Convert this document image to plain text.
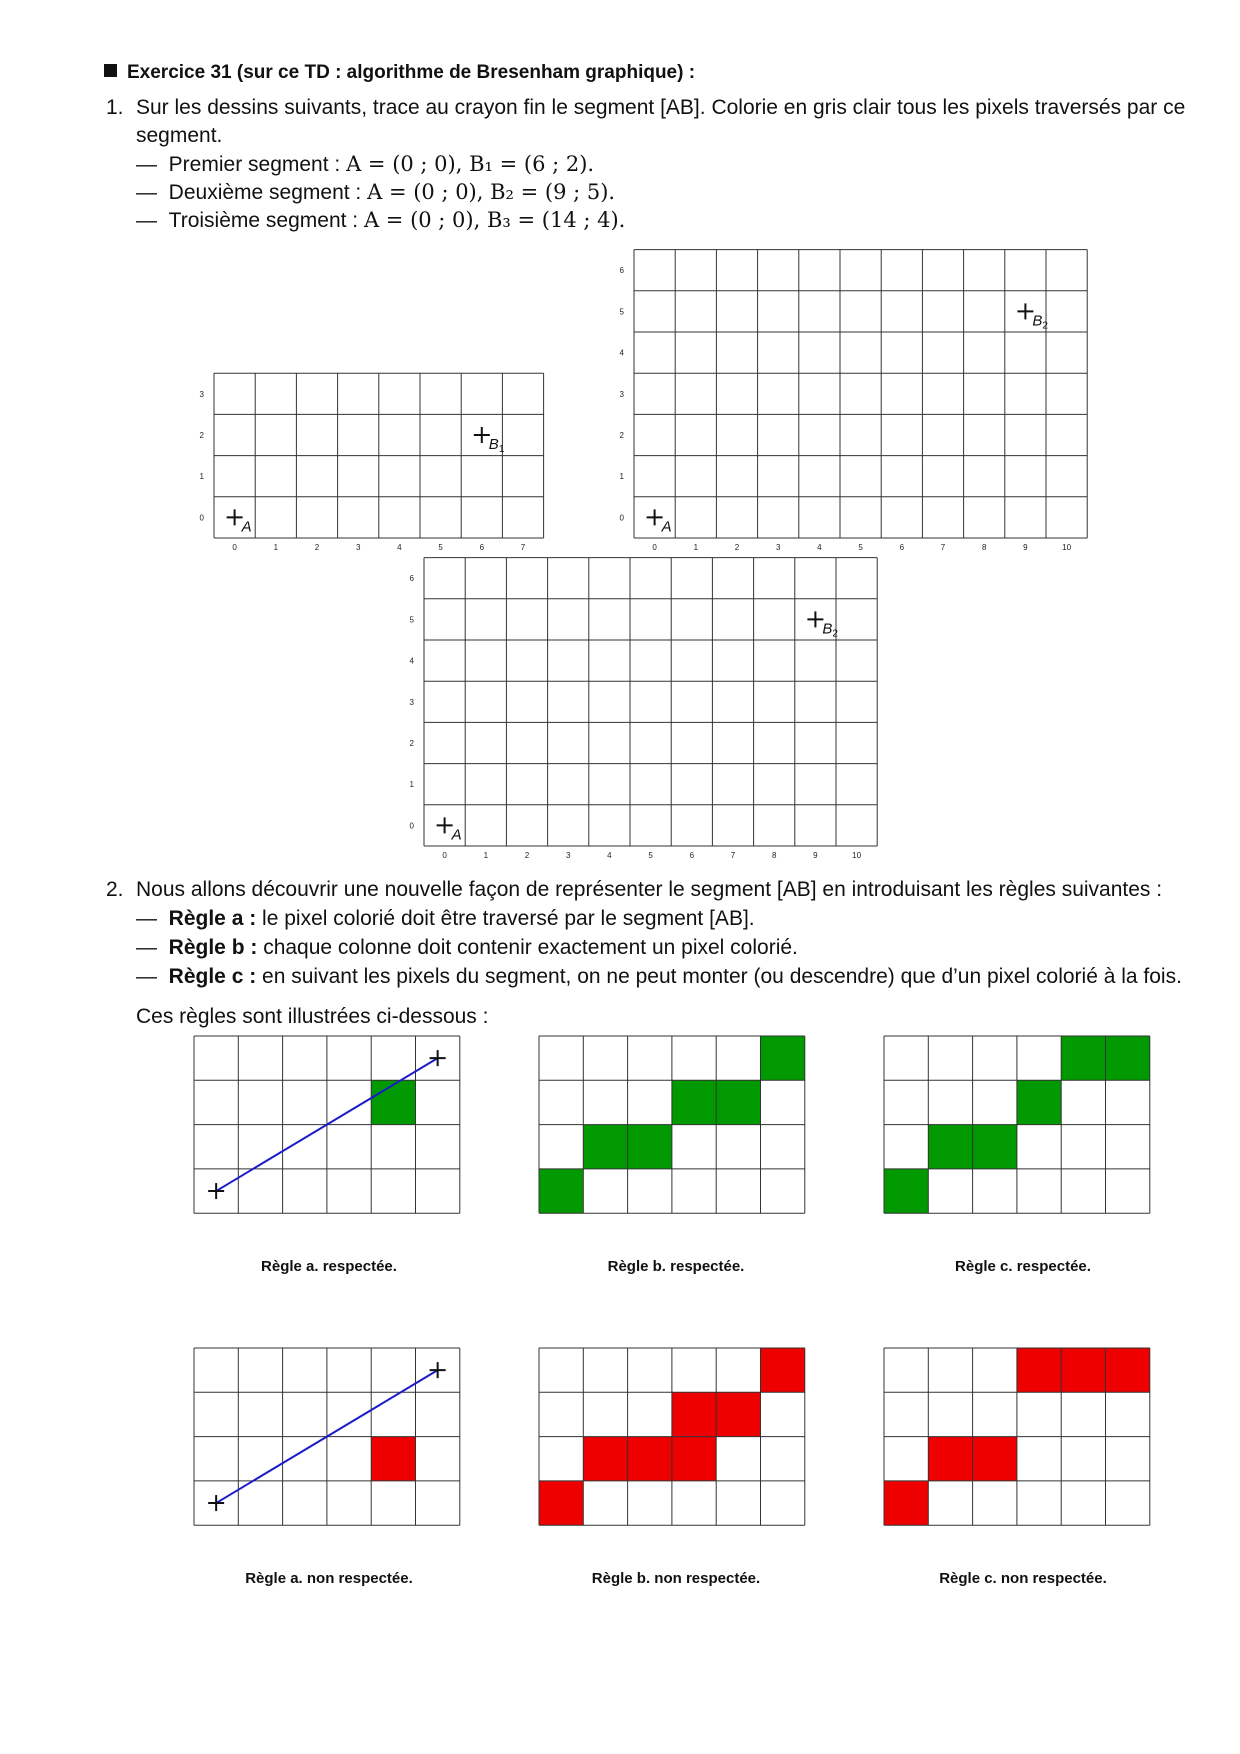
Exercice 31 (sur ce TD : algorithme de Bresenham graphique) :
1. Sur les dessins suivants, trace au crayon fin le segment [AB]. Colorie en gris clair tous les pixels traversés par ce
segment.
— Premier segment : A = (0 ; 0), B₁ = (6 ; 2).
— Deuxième segment : A = (0 ; 0), B₂ = (9 ; 5).
— Troisième segment : A = (0 ; 0), B₃ = (14 ; 4).
0	1	2	3	4	5	6	7
0
1
2
3
A
$B_1$
0	1	2	3	4	5	6	7	8	9	10
0
1
2
3
4
5
6
A
$B_2$
0	1	2	3	4	5	6	7	8	9	10
0
1
2
3
4
5
6
A
$B_2$
2. Nous allons découvrir une nouvelle façon de représenter le segment [AB] en introduisant les règles suivantes :
— Règle a : le pixel colorié doit être traversé par le segment [AB].
— Règle b : chaque colonne doit contenir exactement un pixel colorié.
— Règle c : en suivant les pixels du segment, on ne peut monter (ou descendre) que d’un pixel colorié à la fois.
Ces règles sont illustrées ci-dessous :
Règle a. respectée.	Règle b. respectée.	Règle c. respectée.
Règle a. non respectée.	Règle b. non respectée.	Règle c. non respectée.
